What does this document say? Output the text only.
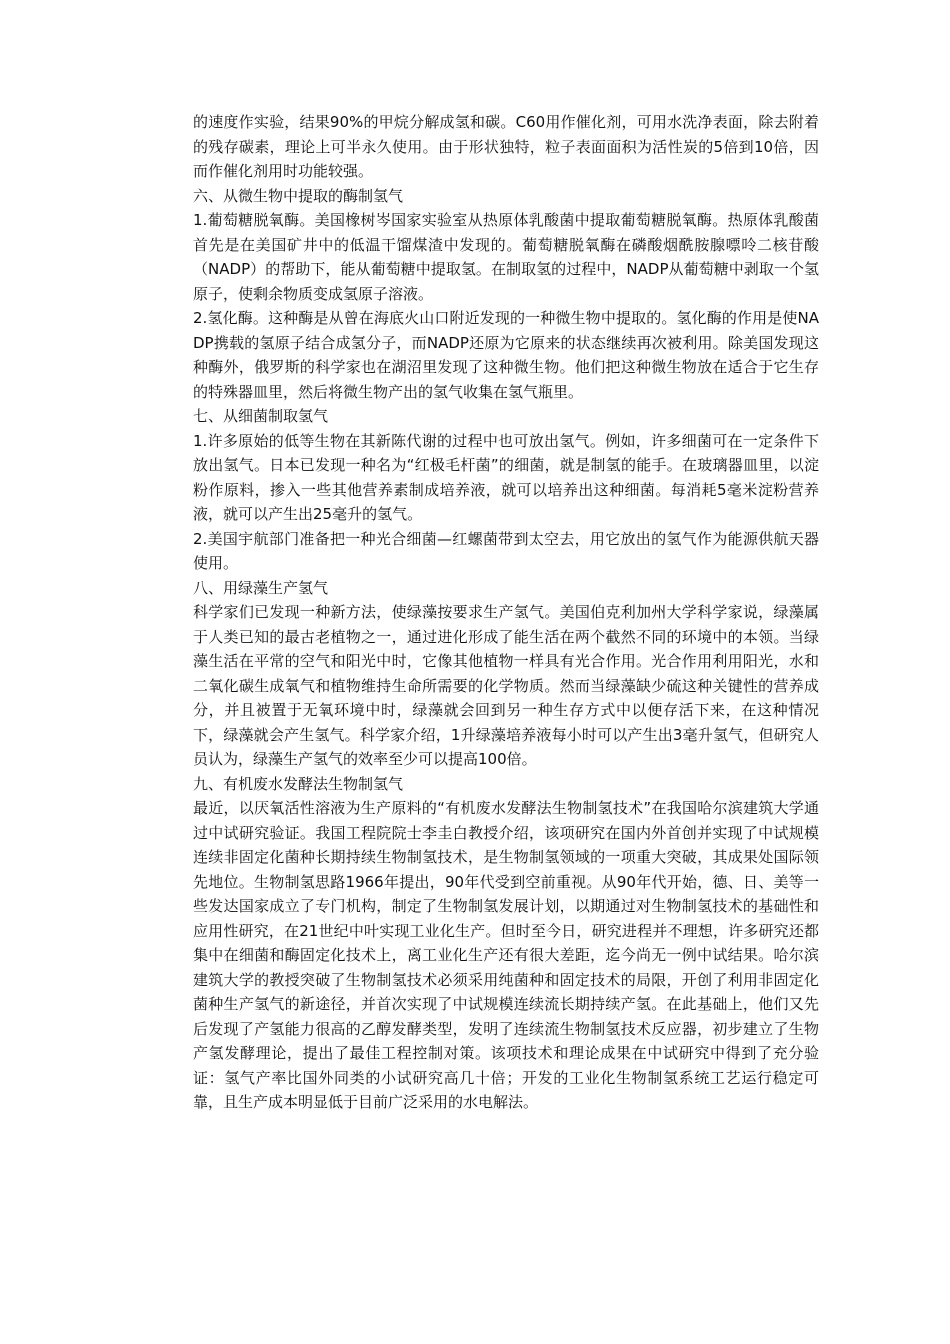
的速度作实验，结果90%的甲烷分解成氢和碳。C60用作催化剂，可用水洗净表面，除去附着的残存碳素，理论上可半永久使用。由于形状独特，粒子表面面积为活性炭的5倍到10倍，因而作催化剂用时功能较强。

六、从微生物中提取的酶制氢气

1.葡萄糖脱氧酶。美国橡树岑国家实验室从热原体乳酸菌中提取葡萄糖脱氧酶。热原体乳酸菌首先是在美国矿井中的低温干馏煤渣中发现的。葡萄糖脱氧酶在磷酸烟酰胺腺嘌呤二核苷酸（NADP）的帮助下，能从葡萄糖中提取氢。在制取氢的过程中，NADP从葡萄糖中剥取一个氢原子，使剩余物质变成氢原子溶液。

2.氢化酶。这种酶是从曾在海底火山口附近发现的一种微生物中提取的。氢化酶的作用是使NADP携载的氢原子结合成氢分子，而NADP还原为它原来的状态继续再次被利用。除美国发现这种酶外，俄罗斯的科学家也在湖沼里发现了这种微生物。他们把这种微生物放在适合于它生存的特殊器皿里，然后将微生物产出的氢气收集在氢气瓶里。

七、从细菌制取氢气

1.许多原始的低等生物在其新陈代谢的过程中也可放出氢气。例如，许多细菌可在一定条件下放出氢气。日本已发现一种名为“红极毛杆菌”的细菌，就是制氢的能手。在玻璃器皿里，以淀粉作原料，掺入一些其他营养素制成培养液，就可以培养出这种细菌。每消耗5毫米淀粉营养液，就可以产生出25毫升的氢气。

2.美国宇航部门准备把一种光合细菌—红螺菌带到太空去，用它放出的氢气作为能源供航天器使用。

八、用绿藻生产氢气

科学家们已发现一种新方法，使绿藻按要求生产氢气。美国伯克利加州大学科学家说，绿藻属于人类已知的最古老植物之一，通过进化形成了能生活在两个截然不同的环境中的本领。当绿藻生活在平常的空气和阳光中时，它像其他植物一样具有光合作用。光合作用利用阳光，水和二氧化碳生成氧气和植物维持生命所需要的化学物质。然而当绿藻缺少硫这种关键性的营养成分，并且被置于无氧环境中时，绿藻就会回到另一种生存方式中以便存活下来，在这种情况下，绿藻就会产生氢气。科学家介绍，1升绿藻培养液每小时可以产生出3毫升氢气，但研究人员认为，绿藻生产氢气的效率至少可以提高100倍。

九、有机废水发酵法生物制氢气

最近，以厌氧活性溶液为生产原料的“有机废水发酵法生物制氢技术”在我国哈尔滨建筑大学通过中试研究验证。我国工程院院士李圭白教授介绍，该项研究在国内外首创并实现了中试规模连续非固定化菌种长期持续生物制氢技术，是生物制氢领域的一项重大突破，其成果处国际领先地位。生物制氢思路1966年提出，90年代受到空前重视。从90年代开始，德、日、美等一些发达国家成立了专门机构，制定了生物制氢发展计划，以期通过对生物制氢技术的基础性和应用性研究，在21世纪中叶实现工业化生产。但时至今日，研究进程并不理想，许多研究还都集中在细菌和酶固定化技术上，离工业化生产还有很大差距，迄今尚无一例中试结果。哈尔滨建筑大学的教授突破了生物制氢技术必须采用纯菌种和固定技术的局限，开创了利用非固定化菌种生产氢气的新途径，并首次实现了中试规模连续流长期持续产氢。在此基础上，他们又先后发现了产氢能力很高的乙醇发酵类型，发明了连续流生物制氢技术反应器，初步建立了生物产氢发酵理论，提出了最佳工程控制对策。该项技术和理论成果在中试研究中得到了充分验证：氢气产率比国外同类的小试研究高几十倍；开发的工业化生物制氢系统工艺运行稳定可靠，且生产成本明显低于目前广泛采用的水电解法。
